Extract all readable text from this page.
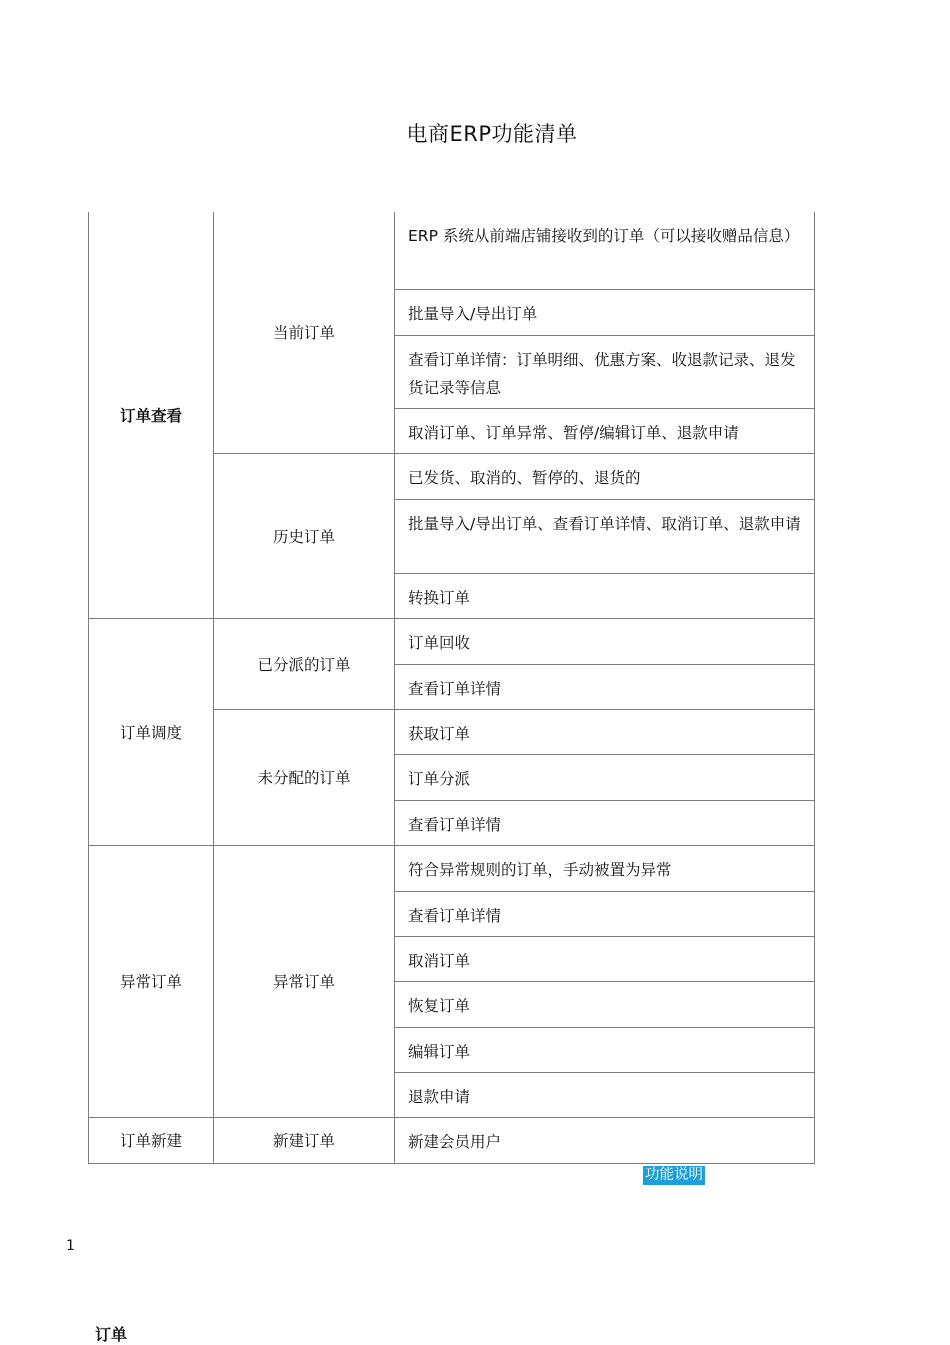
电商ERP功能清单
订单查看	当前订单	ERP 系统从前端店铺接收到的订单（可以接收赠品信息）
		批量导入/导出订单
		查看订单详情：订单明细、优惠方案、收退款记录、退发货记录等信息
		取消订单、订单异常、暂停/编辑订单、退款申请
	历史订单	已发货、取消的、暂停的、退货的
		批量导入/导出订单、查看订单详情、取消订单、退款申请
		转换订单
订单调度	已分派的订单	订单回收
		查看订单详情
	未分配的订单	获取订单
		订单分派
		查看订单详情
异常订单	异常订单	符合异常规则的订单，手动被置为异常
		查看订单详情
		取消订单
		恢复订单
		编辑订单
		退款申请
订单新建	新建订单	新建会员用户
功能说明
1
订单
